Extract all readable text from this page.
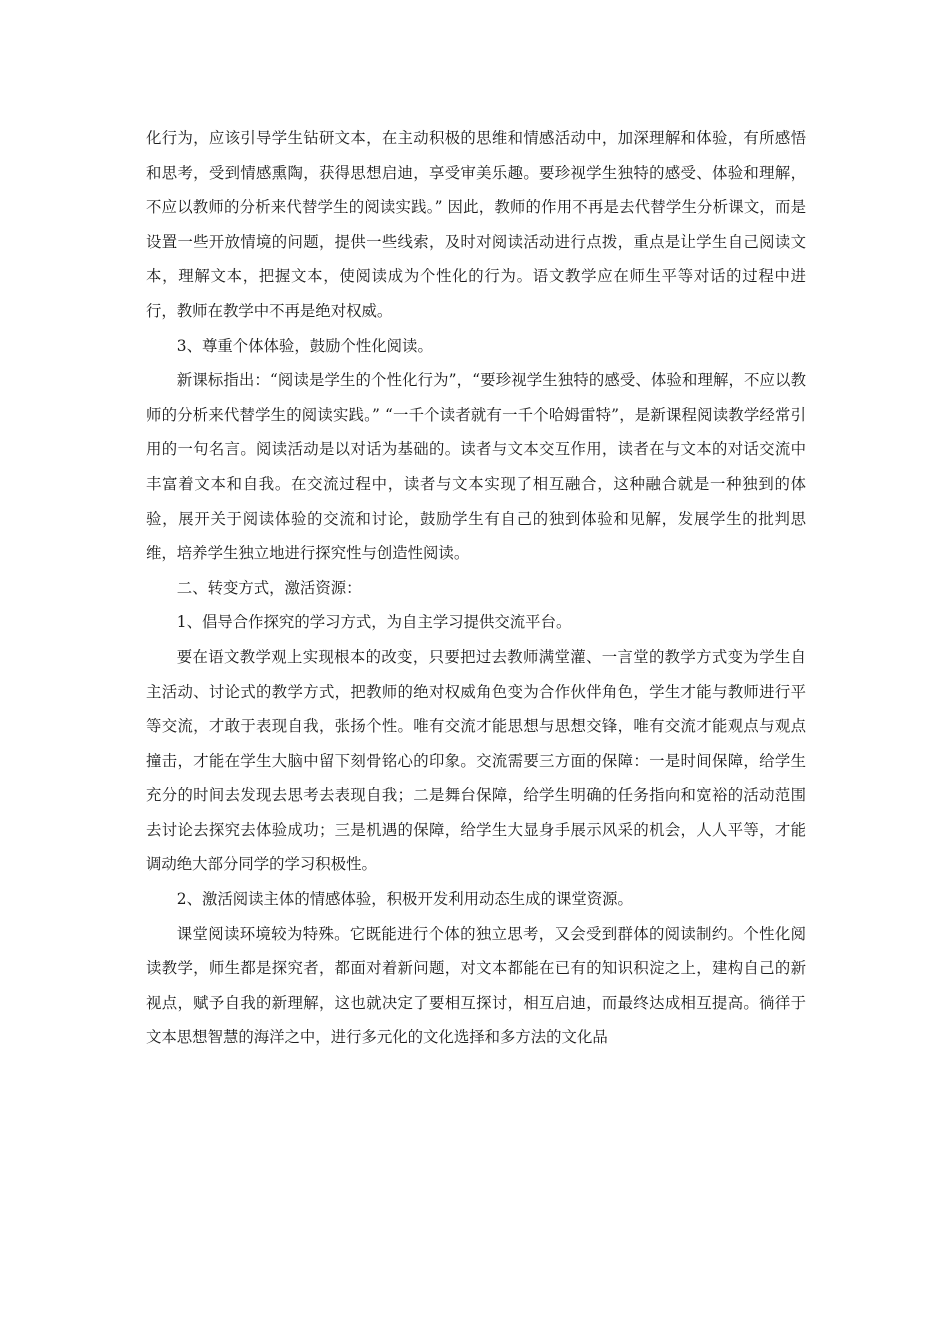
化行为，应该引导学生钻研文本，在主动积极的思维和情感活动中，加深理解和体验，有所感悟和思考，受到情感熏陶，获得思想启迪，享受审美乐趣。要珍视学生独特的感受、体验和理解，不应以教师的分析来代替学生的阅读实践。” 因此，教师的作用不再是去代替学生分析课文，而是设置一些开放情境的问题，提供一些线索，及时对阅读活动进行点拨，重点是让学生自己阅读文本，理解文本，把握文本，使阅读成为个性化的行为。语文教学应在师生平等对话的过程中进行，教师在教学中不再是绝对权威。

3、尊重个体体验，鼓励个性化阅读。

新课标指出：“阅读是学生的个性化行为”，“要珍视学生独特的感受、体验和理解，不应以教师的分析来代替学生的阅读实践。” “一千个读者就有一千个哈姆雷特”，是新课程阅读教学经常引用的一句名言。阅读活动是以对话为基础的。读者与文本交互作用，读者在与文本的对话交流中丰富着文本和自我。在交流过程中，读者与文本实现了相互融合，这种融合就是一种独到的体验，展开关于阅读体验的交流和讨论，鼓励学生有自己的独到体验和见解，发展学生的批判思维，培养学生独立地进行探究性与创造性阅读。

二、转变方式，激活资源：

1、倡导合作探究的学习方式，为自主学习提供交流平台。

要在语文教学观上实现根本的改变，只要把过去教师满堂灌、一言堂的教学方式变为学生自主活动、讨论式的教学方式，把教师的绝对权威角色变为合作伙伴角色，学生才能与教师进行平等交流，才敢于表现自我，张扬个性。唯有交流才能思想与思想交锋，唯有交流才能观点与观点撞击，才能在学生大脑中留下刻骨铭心的印象。交流需要三方面的保障：一是时间保障，给学生充分的时间去发现去思考去表现自我；二是舞台保障，给学生明确的任务指向和宽裕的活动范围去讨论去探究去体验成功；三是机遇的保障，给学生大显身手展示风采的机会，人人平等，才能调动绝大部分同学的学习积极性。

2、激活阅读主体的情感体验，积极开发利用动态生成的课堂资源。

课堂阅读环境较为特殊。它既能进行个体的独立思考，又会受到群体的阅读制约。个性化阅读教学，师生都是探究者，都面对着新问题，对文本都能在已有的知识积淀之上，建构自己的新视点，赋予自我的新理解，这也就决定了要相互探讨，相互启迪，而最终达成相互提高。徜徉于文本思想智慧的海洋之中，进行多元化的文化选择和多方法的文化品
